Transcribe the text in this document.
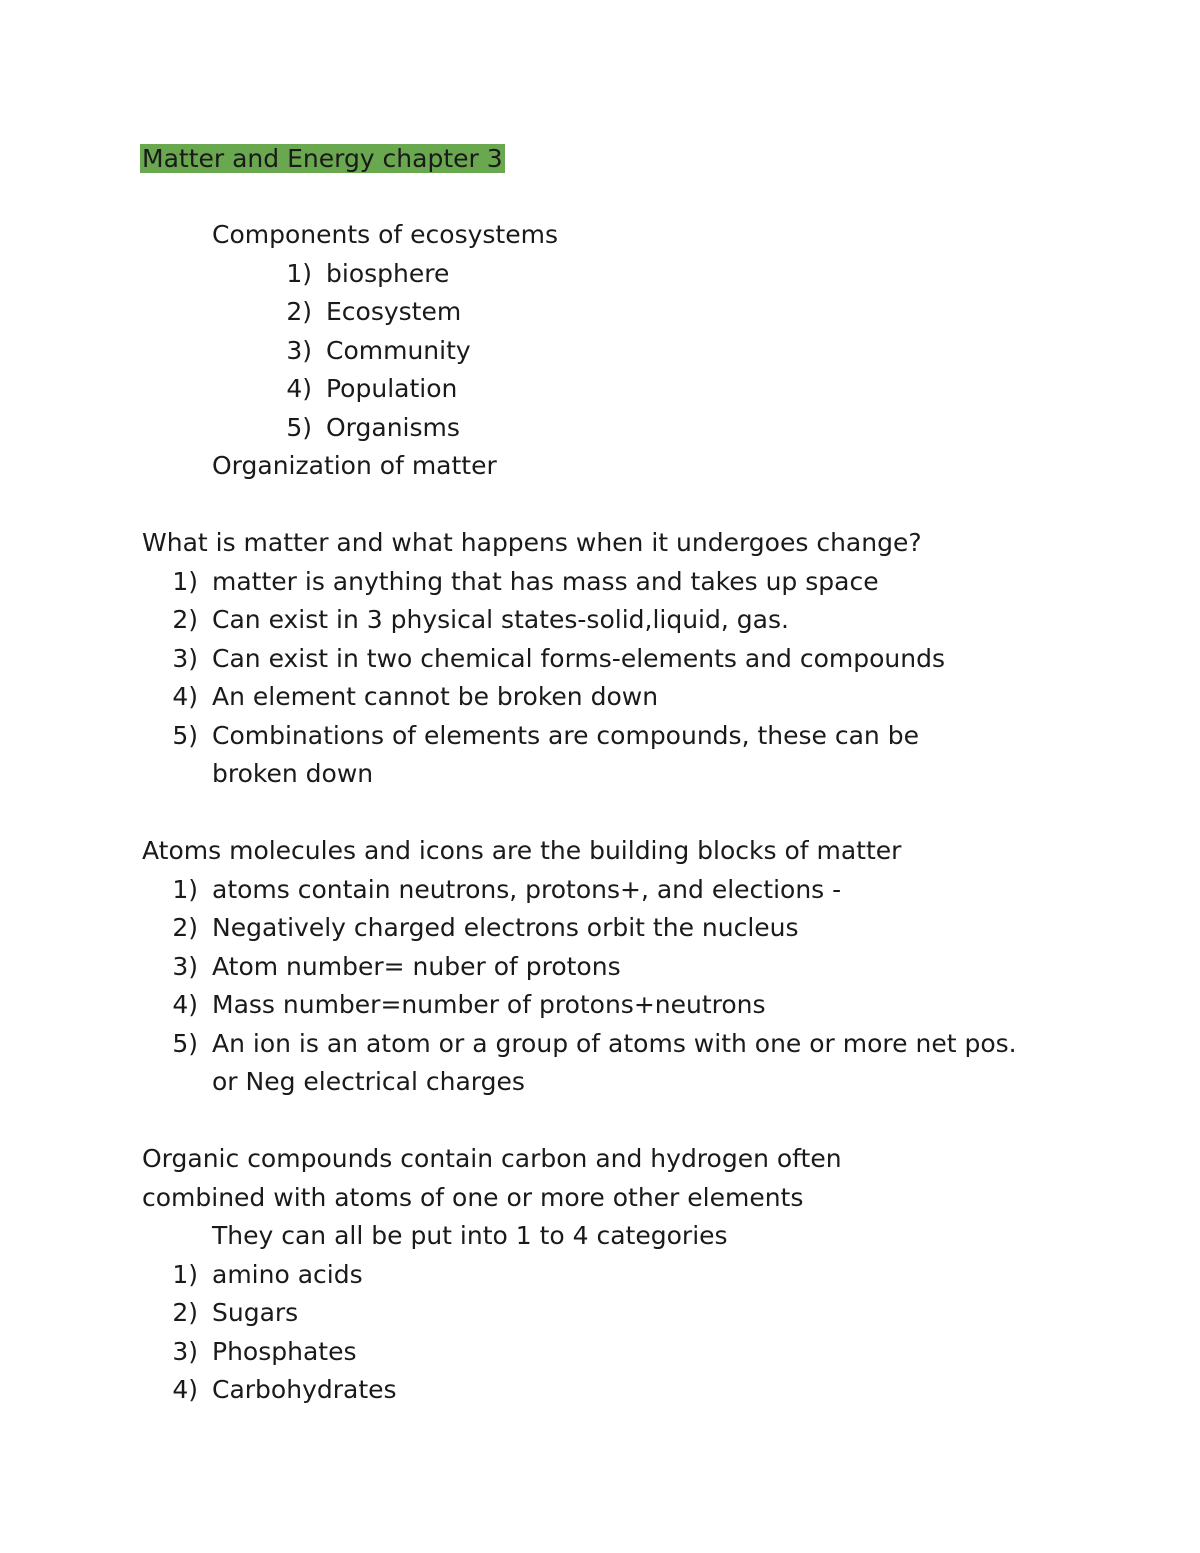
Matter and Energy chapter 3
Components of ecosystems
1) biosphere
2) Ecosystem
3) Community
4) Population
5) Organisms
Organization of matter
What is matter and what happens when it undergoes change?
1) matter is anything that has mass and takes up space
2) Can exist in 3 physical states-solid,liquid, gas.
3) Can exist in two chemical forms-elements and compounds
4) An element cannot be broken down
5) Combinations of elements are compounds, these can be broken down
Atoms molecules and icons are the building blocks of matter
1) atoms contain neutrons, protons+, and elections -
2) Negatively charged electrons orbit the nucleus
3) Atom number= nuber of protons
4) Mass number=number of protons+neutrons
5) An ion is an atom or a group of atoms with one or more net pos. or Neg electrical charges
Organic compounds contain carbon and hydrogen often
combined with atoms of one or more other elements
They can all be put into 1 to 4 categories
1) amino acids
2) Sugars
3) Phosphates
4) Carbohydrates
